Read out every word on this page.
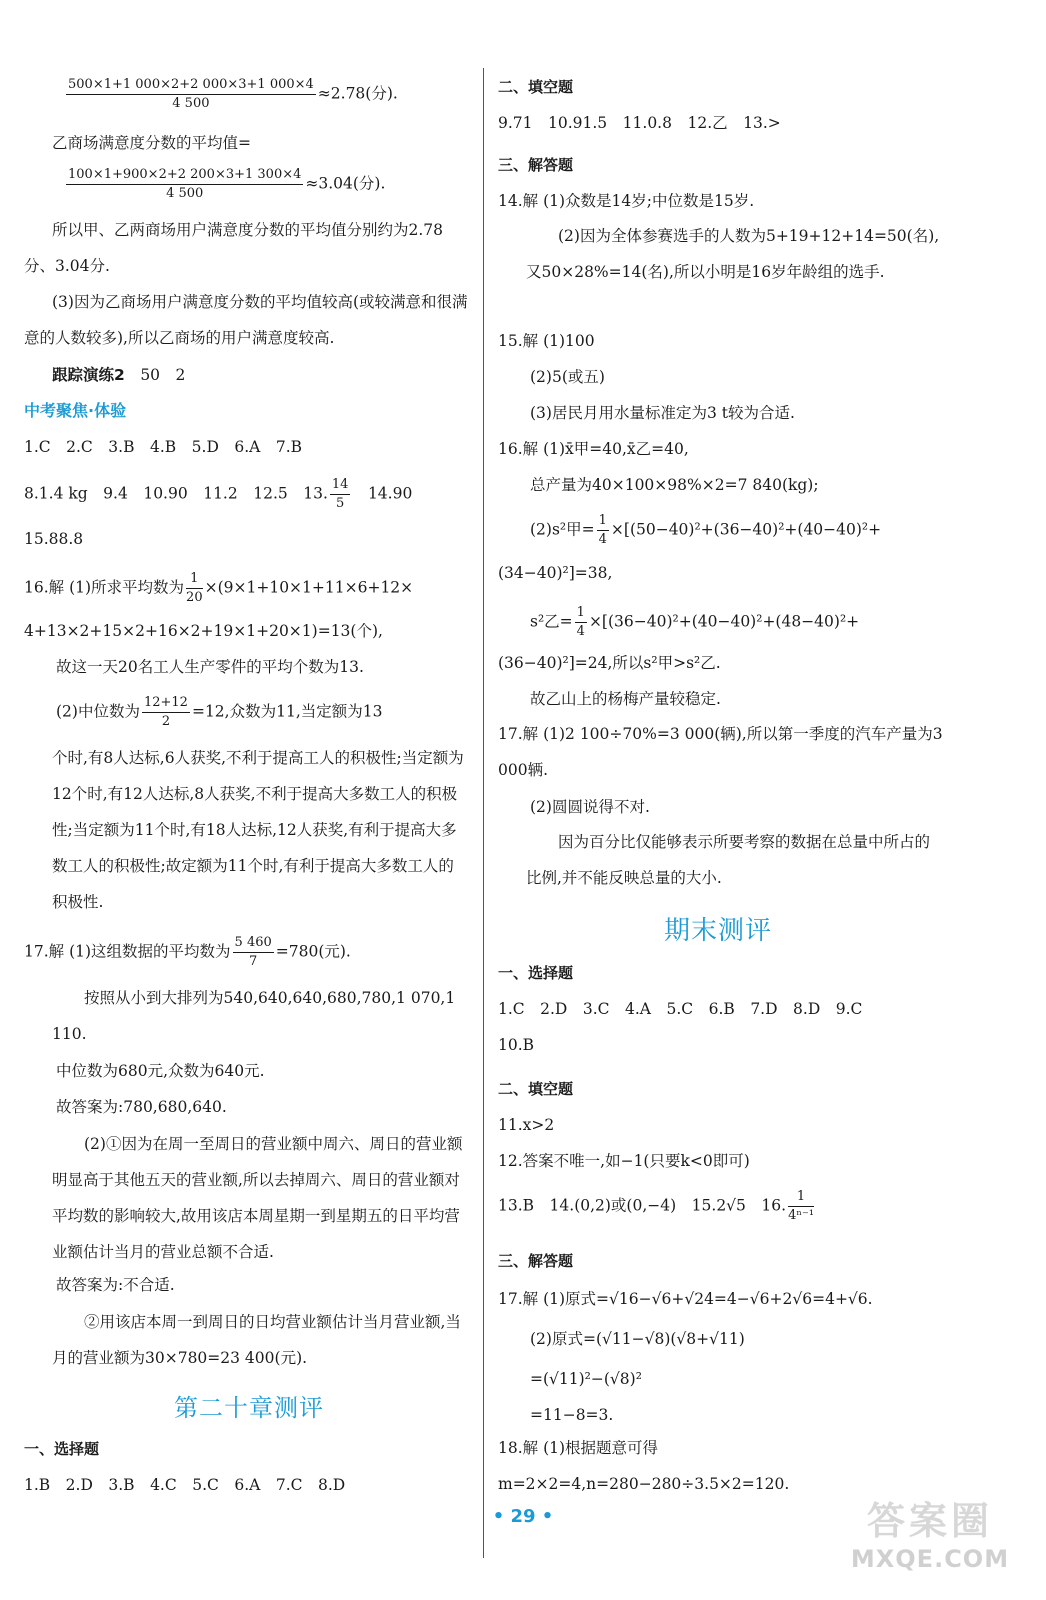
$\frac{500\times 1+1 000\times 2+2 000\times 3+1 000\times 4}{4 500} \approx 2.78$(分).
乙商场满意度分数的平均值=
$\frac{100\times 1+900\times 2+2 200\times 3+1 300\times 4}{4 500} \approx 3.04$(分).
所以甲、乙两商场用户满意度分数的平均值分别约为2.78分、3.04分.
(3)因为乙商场用户满意度分数的平均值较高(或较满意和很满意的人数较多),所以乙商场的用户满意度较高.
跟踪演练2　 50　2
中考聚焦·体验
1.C　2.C　3.B　4.B　5.D　6.A　7.B
8.1.4 kg　9.4　10.90　11.2　12.5　13. $\frac{14}{5}$ 　14.90
15.88.8
16.解 (1)所求平均数为 $\frac{1}{20} \times(9\times 1+10\times 1+11\times 6+12\times$
4+13×2+15×2+16×2+19×1+20×1)=13(个),
故这一天20名工人生产零件的平均个数为13.
(2)中位数为 $\frac{12+12}{2} =12$,众数为11,当定额为13
个时,有8人达标,6人获奖,不利于提高工人的积极性;当定额为12个时,有12人达标,8人获奖,不利于提高大多数工人的积极性;当定额为11个时,有18人达标,12人获奖,有利于提高大多数工人的积极性;故定额为11个时,有利于提高大多数工人的积极性.
17.解 (1)这组数据的平均数为 $\frac{5 460}{7} =780$(元).
按照从小到大排列为540,640,640,680,780,1 070,1 110.
中位数为680元,众数为640元.
故答案为:780,680,640.
(2)①因为在周一至周日的营业额中周六、周日的营业额明显高于其他五天的营业额,所以去掉周六、周日的营业额对平均数的影响较大,故用该店本周星期一到星期五的日平均营业额估计当月的营业总额不合适.
故答案为:不合适.
②用该店本周一到周日的日均营业额估计当月营业额,当月的营业额为30×780=23 400(元).
第二十章测评
一、选择题
1.B　2.D　3.B　4.C　5.C　6.A　7.C　8.D
二、填空题
9.71　10.91.5　11.0.8　12.乙　13.>
三、解答题
14.解 (1)众数是14岁;中位数是15岁.
(2)因为全体参赛选手的人数为5+19+12+14=50(名),又50×28%=14(名),所以小明是16岁年龄组的选手.
15.解 (1)100
(2)5(或五)
(3)居民月用水量标准定为3 t较为合适.
16.解 (1)x̄甲=40,x̄乙=40,
总产量为40×100×98%×2=7 840(kg);
(2)s²甲= $\frac{1}{4} \times[(50-40)^2+(36-40)^2+(40-40)^2+$
(34−40)²]=38,
s²乙= $\frac{1}{4} \times[(36-40)^2+(40-40)^2+(48-40)^2+$
(36−40)²]=24,所以s²甲>s²乙.
故乙山上的杨梅产量较稳定.
17.解 (1)2 100÷70%=3 000(辆),所以第一季度的汽车产量为3 000辆.
(2)圆圆说得不对.
因为百分比仅能够表示所要考察的数据在总量中所占的比例,并不能反映总量的大小.
期末测评
一、选择题
1.C　2.D　3.C　4.A　5.C　6.B　7.D　8.D　9.C
10.B
二、填空题
11.x>2
12.答案不唯一,如−1(只要k<0即可)
13.B　14.(0,2)或(0,−4)　15.2√5　16. $\frac{1}{\text{4ⁿ⁻¹}}$
三、解答题
17.解 (1)原式=√16−√6+√24=4−√6+2√6=4+√6.
(2)原式=(√11−√8)(√8+√11)
=(√11)²−(√8)²
=11−8=3.
18.解 (1)根据题意可得 m=2×2=4,n=280−280÷3.5×2=120.
• 29 •	答案圈
MXQE.COM
